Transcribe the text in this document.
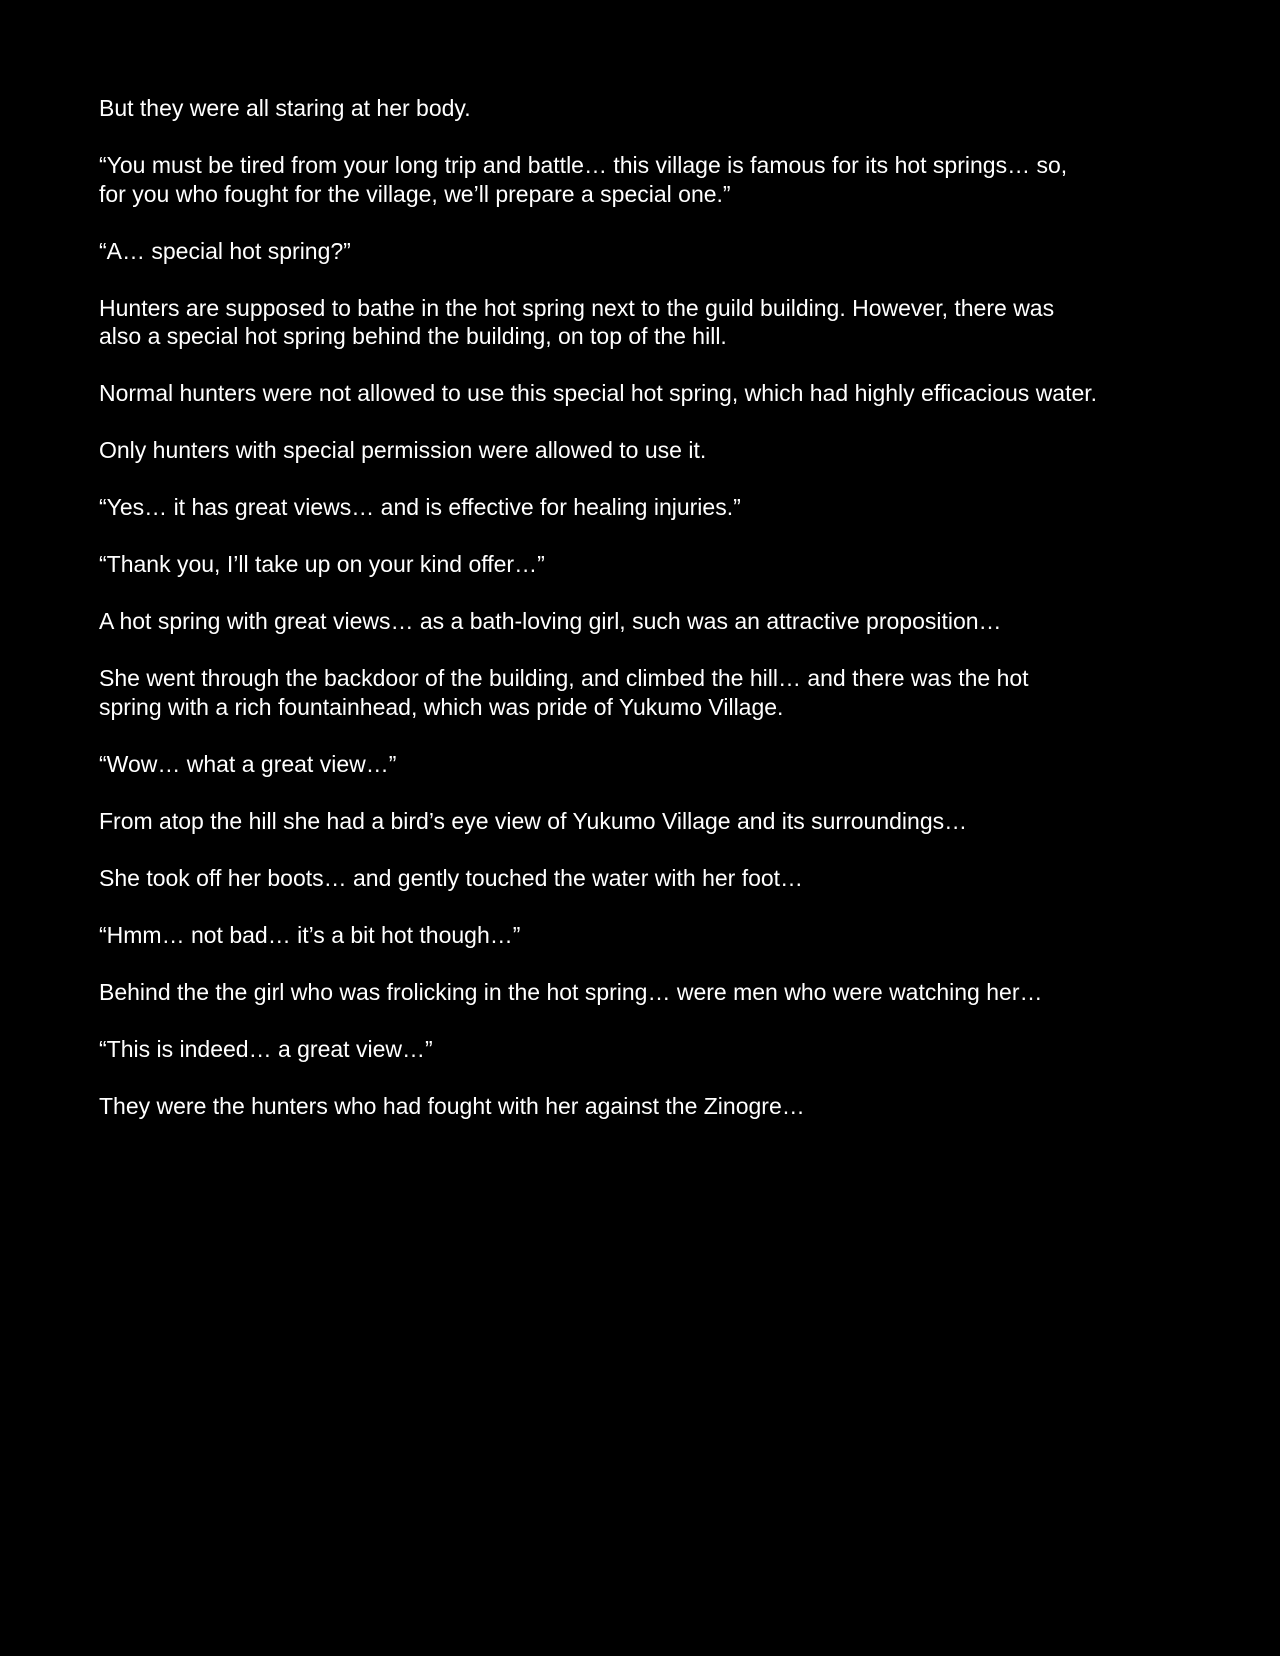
But they were all staring at her body.

“You must be tired from your long trip and battle… this village is famous for its hot springs… so,
for you who fought for the village, we’ll prepare a special one.”

“A… special hot spring?”

Hunters are supposed to bathe in the hot spring next to the guild building. However, there was
also a special hot spring behind the building, on top of the hill.

Normal hunters were not allowed to use this special hot spring, which had highly efficacious water.

Only hunters with special permission were allowed to use it.

“Yes… it has great views… and is effective for healing injuries.”

“Thank you, I’ll take up on your kind offer…”

A hot spring with great views… as a bath-loving girl, such was an attractive proposition…

She went through the backdoor of the building, and climbed the hill… and there was the hot
spring with a rich fountainhead, which was pride of Yukumo Village.

“Wow… what a great view…”

From atop the hill she had a bird’s eye view of Yukumo Village and its surroundings…

She took off her boots… and gently touched the water with her foot…

“Hmm… not bad… it’s a bit hot though…”

Behind the the girl who was frolicking in the hot spring… were men who were watching her…

“This is indeed… a great view…”

They were the hunters who had fought with her against the Zinogre…
